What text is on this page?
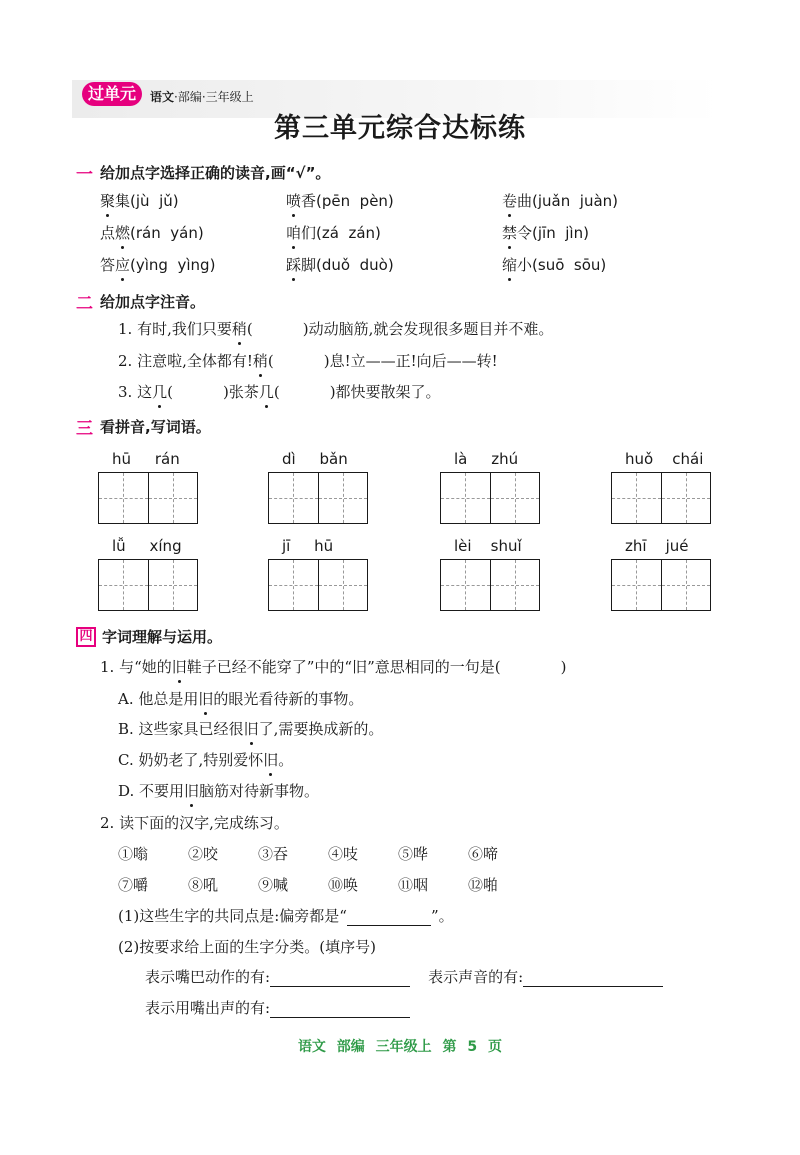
过单元	语文·部编·三年级上
第三单元综合达标练
一 给加点字选择正确的读音,画“√”。
聚集(jù  jǔ)	喷香(pēn  pèn)	卷曲(juǎn  juàn)
点燃(rán  yán)	咱们(zá  zán)	禁令(jīn  jìn)
答应(yìng  yìng)	踩脚(duǒ  duò)	缩小(suō  sōu)
二 给加点字注音。
1. 有时,我们只要稍(	)动动脑筋,就会发现很多题目并不难。
2. 注意啦,全体都有!稍(	)息!立——正!向后——转!
3. 这几(	)张茶几(	)都快要散架了。
三 看拼音,写词语。
hū     rán	dì     bǎn	là     zhú	huǒ    chái
lǚ     xíng	jī     hū	lèi    shuǐ	zhī    jué
四 字词理解与运用。
1. 与“她的旧鞋子已经不能穿了”中的“旧”意思相同的一句是(	)
A. 他总是用旧的眼光看待新的事物。
B. 这些家具已经很旧了,需要换成新的。
C. 奶奶老了,特别爱怀旧。
D. 不要用旧脑筋对待新事物。
2. 读下面的汉字,完成练习。
①嗡	②咬	③吞	④吱	⑤哗	⑥啼
⑦嚼	⑧吼	⑨喊	⑩唤	⑪咽	⑫啪
(1)这些生字的共同点是:偏旁都是“	”。
(2)按要求给上面的生字分类。(填序号)
表示嘴巴动作的有:	表示声音的有:
表示用嘴出声的有:
语文 部编 三年级上 第 5 页
